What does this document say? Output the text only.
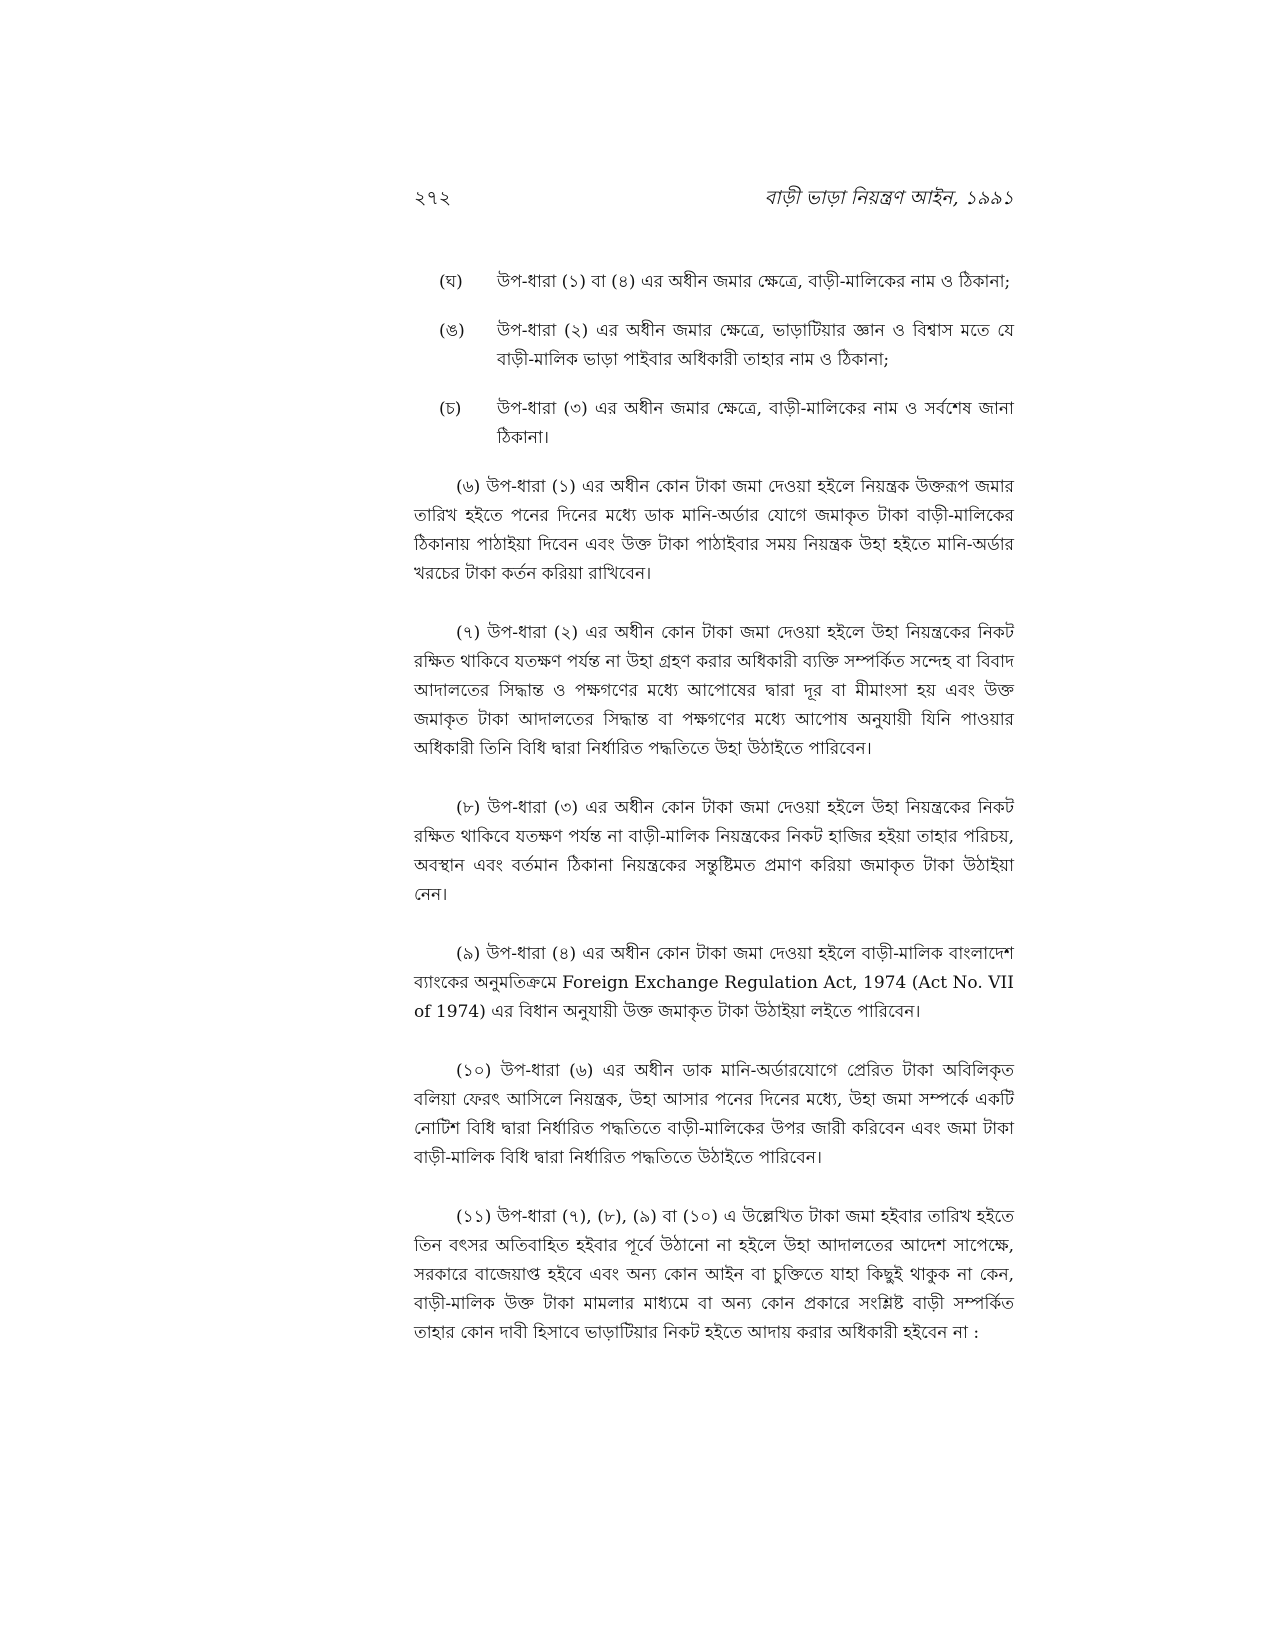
২৭২	বাড়ী ভাড়া নিয়ন্ত্রণ আইন, ১৯৯১
(ঘ) উপ-ধারা (১) বা (৪) এর অধীন জমার ক্ষেত্রে, বাড়ী-মালিকের নাম ও ঠিকানা;
(ঙ) উপ-ধারা (২) এর অধীন জমার ক্ষেত্রে, ভাড়াটিয়ার জ্ঞান ও বিশ্বাস মতে যে বাড়ী-মালিক ভাড়া পাইবার অধিকারী তাহার নাম ও ঠিকানা;
(চ) উপ-ধারা (৩) এর অধীন জমার ক্ষেত্রে, বাড়ী-মালিকের নাম ও সর্বশেষ জানা ঠিকানা।

(৬) উপ-ধারা (১) এর অধীন কোন টাকা জমা দেওয়া হইলে নিয়ন্ত্রক উক্তরূপ জমার তারিখ হইতে পনের দিনের মধ্যে ডাক মানি-অর্ডার যোগে জমাকৃত টাকা বাড়ী-মালিকের ঠিকানায় পাঠাইয়া দিবেন এবং উক্ত টাকা পাঠাইবার সময় নিয়ন্ত্রক উহা হইতে মানি-অর্ডার খরচের টাকা কর্তন করিয়া রাখিবেন।

(৭) উপ-ধারা (২) এর অধীন কোন টাকা জমা দেওয়া হইলে উহা নিয়ন্ত্রকের নিকট রক্ষিত থাকিবে যতক্ষণ পর্যন্ত না উহা গ্রহণ করার অধিকারী ব্যক্তি সম্পর্কিত সন্দেহ বা বিবাদ আদালতের সিদ্ধান্ত ও পক্ষগণের মধ্যে আপোষের দ্বারা দূর বা মীমাংসা হয় এবং উক্ত জমাকৃত টাকা আদালতের সিদ্ধান্ত বা পক্ষগণের মধ্যে আপোষ অনুযায়ী যিনি পাওয়ার অধিকারী তিনি বিধি দ্বারা নির্ধারিত পদ্ধতিতে উহা উঠাইতে পারিবেন।

(৮) উপ-ধারা (৩) এর অধীন কোন টাকা জমা দেওয়া হইলে উহা নিয়ন্ত্রকের নিকট রক্ষিত থাকিবে যতক্ষণ পর্যন্ত না বাড়ী-মালিক নিয়ন্ত্রকের নিকট হাজির হইয়া তাহার পরিচয়, অবস্থান এবং বর্তমান ঠিকানা নিয়ন্ত্রকের সন্তুষ্টিমত প্রমাণ করিয়া জমাকৃত টাকা উঠাইয়া নেন।

(৯) উপ-ধারা (৪) এর অধীন কোন টাকা জমা দেওয়া হইলে বাড়ী-মালিক বাংলাদেশ ব্যাংকের অনুমতিক্রমে Foreign Exchange Regulation Act, 1974 (Act No. VII of 1974) এর বিধান অনুযায়ী উক্ত জমাকৃত টাকা উঠাইয়া লইতে পারিবেন।

(১০) উপ-ধারা (৬) এর অধীন ডাক মানি-অর্ডারযোগে প্রেরিত টাকা অবিলিকৃত বলিয়া ফেরৎ আসিলে নিয়ন্ত্রক, উহা আসার পনের দিনের মধ্যে, উহা জমা সম্পর্কে একটি নোটিশ বিধি দ্বারা নির্ধারিত পদ্ধতিতে বাড়ী-মালিকের উপর জারী করিবেন এবং জমা টাকা বাড়ী-মালিক বিধি দ্বারা নির্ধারিত পদ্ধতিতে উঠাইতে পারিবেন।

(১১) উপ-ধারা (৭), (৮), (৯) বা (১০) এ উল্লেখিত টাকা জমা হইবার তারিখ হইতে তিন বৎসর অতিবাহিত হইবার পূর্বে উঠানো না হইলে উহা আদালতের আদেশ সাপেক্ষে, সরকারে বাজেয়াপ্ত হইবে এবং অন্য কোন আইন বা চুক্তিতে যাহা কিছুই থাকুক না কেন, বাড়ী-মালিক উক্ত টাকা মামলার মাধ্যমে বা অন্য কোন প্রকারে সংশ্লিষ্ট বাড়ী সম্পর্কিত তাহার কোন দাবী হিসাবে ভাড়াটিয়ার নিকট হইতে আদায় করার অধিকারী হইবেন না :
